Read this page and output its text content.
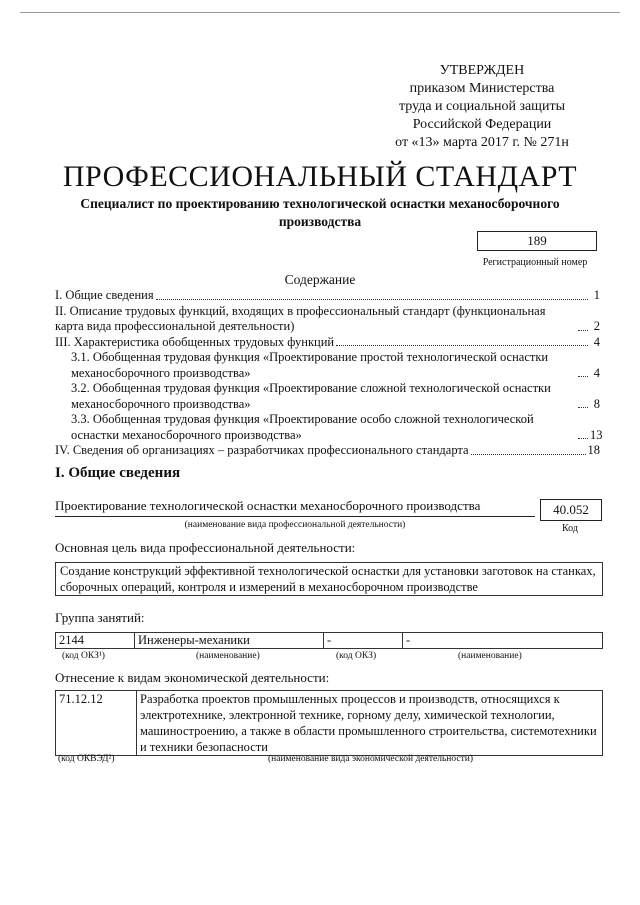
УТВЕРЖДЕН
приказом Министерства
труда и социальной защиты
Российской Федерации
от «13» марта 2017 г. № 271н
ПРОФЕССИОНАЛЬНЫЙ СТАНДАРТ
Специалист по проектированию технологической оснастки механосборочного производства
189
Регистрационный номер
Содержание
I. Общие сведения	1
II. Описание трудовых функций, входящих в профессиональный стандарт (функциональная карта вида профессиональной деятельности)	2
III. Характеристика обобщенных трудовых функций	4
3.1. Обобщенная трудовая функция «Проектирование простой технологической оснастки механосборочного производства»	4
3.2. Обобщенная трудовая функция «Проектирование сложной технологической оснастки механосборочного производства»	8
3.3. Обобщенная трудовая функция «Проектирование особо сложной технологической оснастки механосборочного производства»	13
IV. Сведения об организациях – разработчиках профессионального стандарта	18
I. Общие сведения
Проектирование технологической оснастки механосборочного производства
(наименование вида профессиональной деятельности)
40.052
Код
Основная цель вида профессиональной деятельности:
Создание конструкций эффективной технологической оснастки для установки заготовок на станках, сборочных операций, контроля и измерений в механосборочном производстве
Группа занятий:
2144	Инженеры-механики	-	-
(код ОКЗ¹)	(наименование)	(код ОКЗ)	(наименование)
Отнесение к видам экономической деятельности:
71.12.12	Разработка проектов промышленных процессов и производств, относящихся к электротехнике, электронной технике, горному делу, химической технологии, машиностроению, а также в области промышленного строительства, системотехники и техники безопасности
(код ОКВЭД²)	(наименование вида экономической деятельности)
